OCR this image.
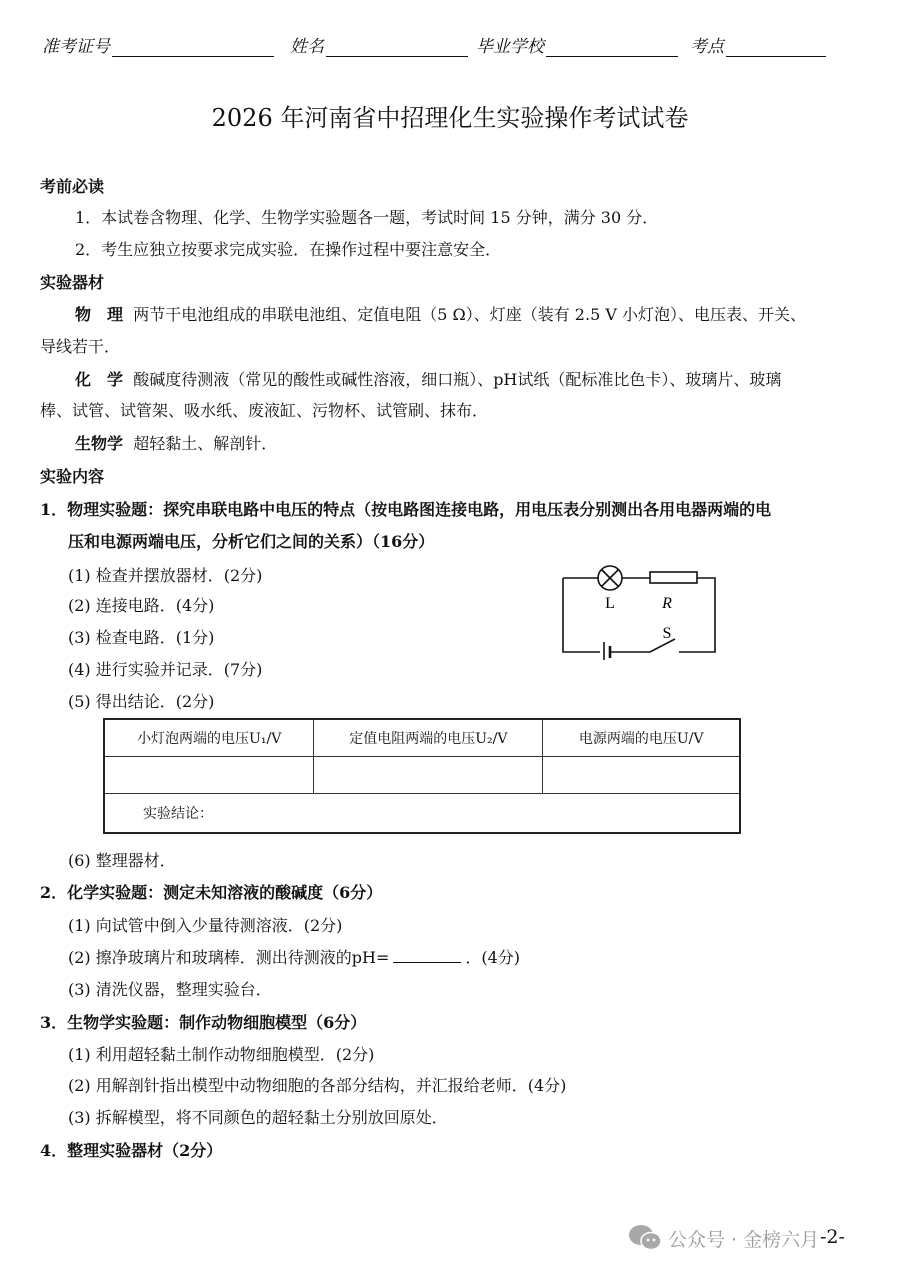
准考证号	姓名	毕业学校	考点
2026 年河南省中招理化生实验操作考试试卷
考前必读
1．本试卷含物理、化学、生物学实验题各一题，考试时间 15 分钟，满分 30 分．
2．考生应独立按要求完成实验．在操作过程中要注意安全．
实验器材
物　理 两节干电池组成的串联电池组、定值电阻（5 Ω）、灯座（装有 2.5 V 小灯泡）、电压表、开关、
导线若干．
化　学 酸碱度待测液（常见的酸性或碱性溶液，细口瓶）、pH试纸（配标准比色卡）、玻璃片、玻璃
棒、试管、试管架、吸水纸、废液缸、污物杯、试管刷、抹布．
生物学 超轻黏土、解剖针．
实验内容
1．物理实验题：探究串联电路中电压的特点（按电路图连接电路，用电压表分别测出各用电器两端的电
压和电源两端电压，分析它们之间的关系）（16分）
(1) 检查并摆放器材．(2分)
(2) 连接电路．(4分)
(3) 检查电路．(1分)
(4) 进行实验并记录．(7分)
(5) 得出结论．(2分)
L	R
S
小灯泡两端的电压U₁/V	定值电阻两端的电压U₂/V	电源两端的电压U/V

实验结论：		
(6) 整理器材．
2．化学实验题：测定未知溶液的酸碱度（6分）
(1) 向试管中倒入少量待测溶液．(2分)
(2) 擦净玻璃片和玻璃棒．测出待测液的pH=	．(4分)
(3) 清洗仪器，整理实验台．
3．生物学实验题：制作动物细胞模型（6分）
(1) 利用超轻黏土制作动物细胞模型．(2分)
(2) 用解剖针指出模型中动物细胞的各部分结构，并汇报给老师．(4分)
(3) 拆解模型，将不同颜色的超轻黏土分别放回原处．
4．整理实验器材（2分）
公众号 · 金榜六月 -2-
